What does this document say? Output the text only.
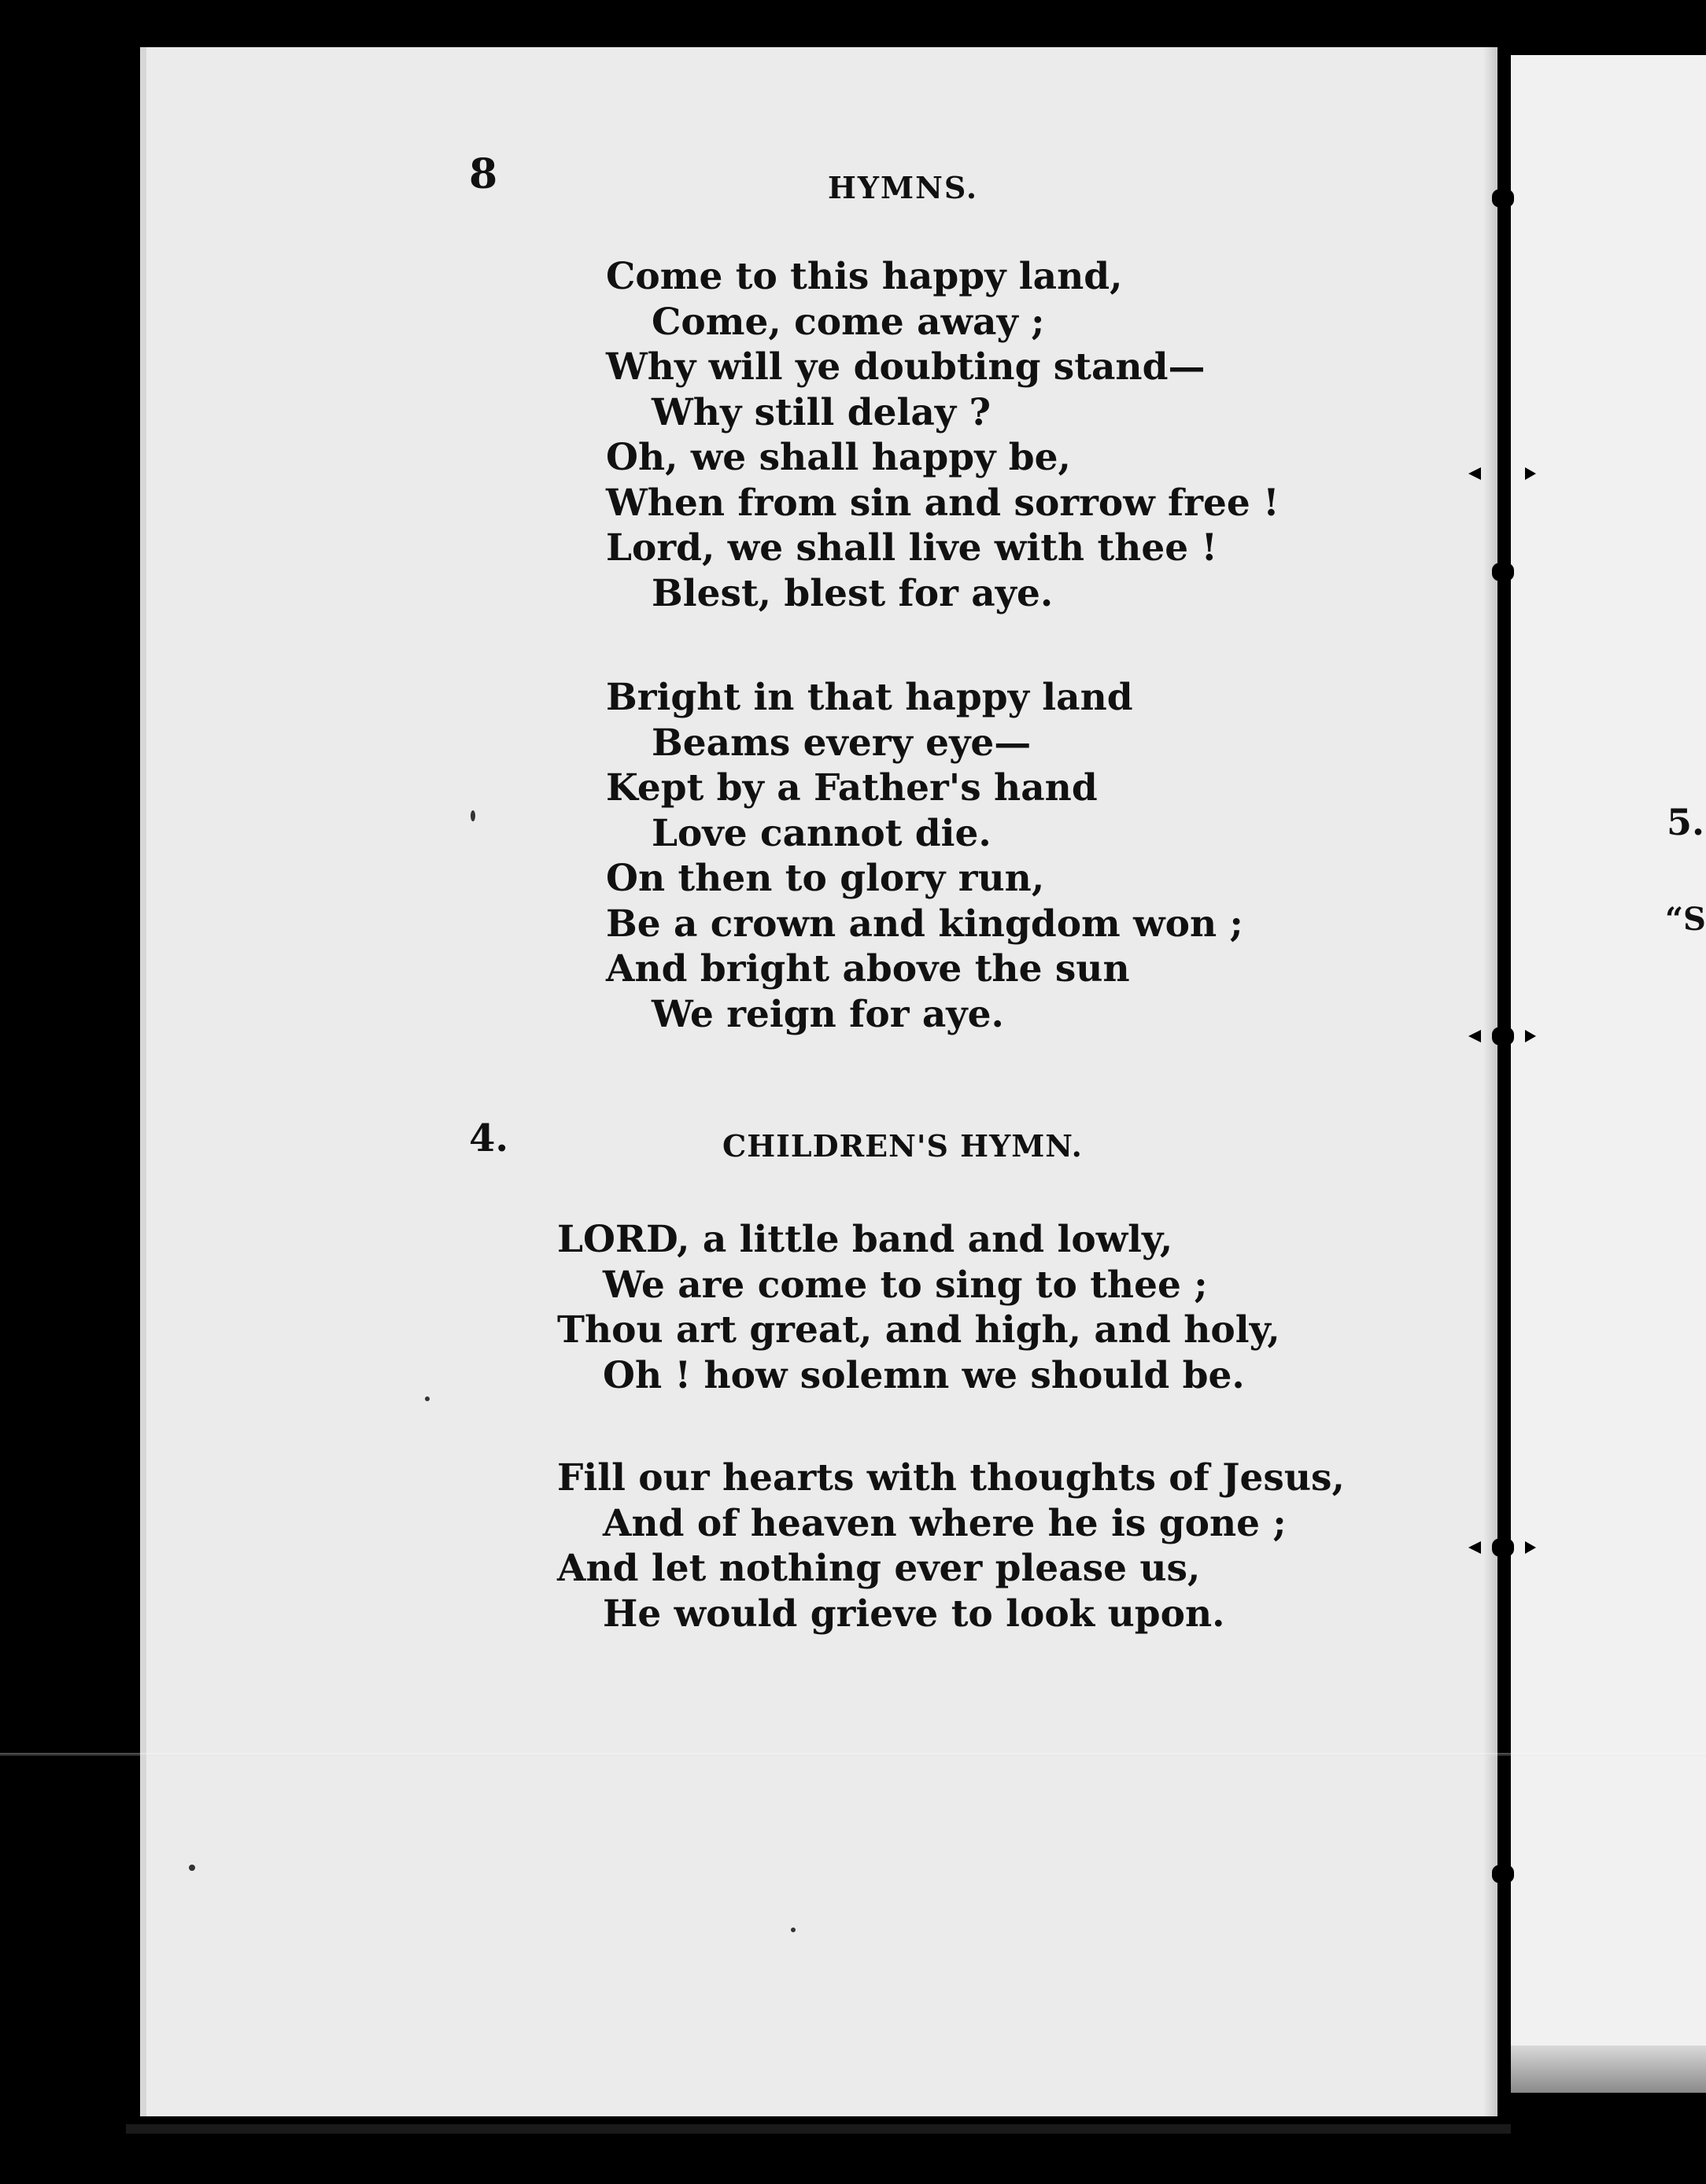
8	HYMNS.
Come to this happy land,
Come, come away ;
Why will ye doubting stand—
Why still delay ?
Oh, we shall happy be,
When from sin and sorrow free !
Lord, we shall live with thee !
Blest, blest for aye.
Bright in that happy land
Beams every eye—
Kept by a Father's hand
Love cannot die.
On then to glory run,
Be a crown and kingdom won ;
And bright above the sun
We reign for aye.
4.	CHILDREN'S HYMN.
LORD, a little band and lowly,
We are come to sing to thee ;
Thou art great, and high, and holy,
Oh ! how solemn we should be.
Fill our hearts with thoughts of Jesus,
And of heaven where he is gone ;
And let nothing ever please us,
He would grieve to look upon.
5.
“S
